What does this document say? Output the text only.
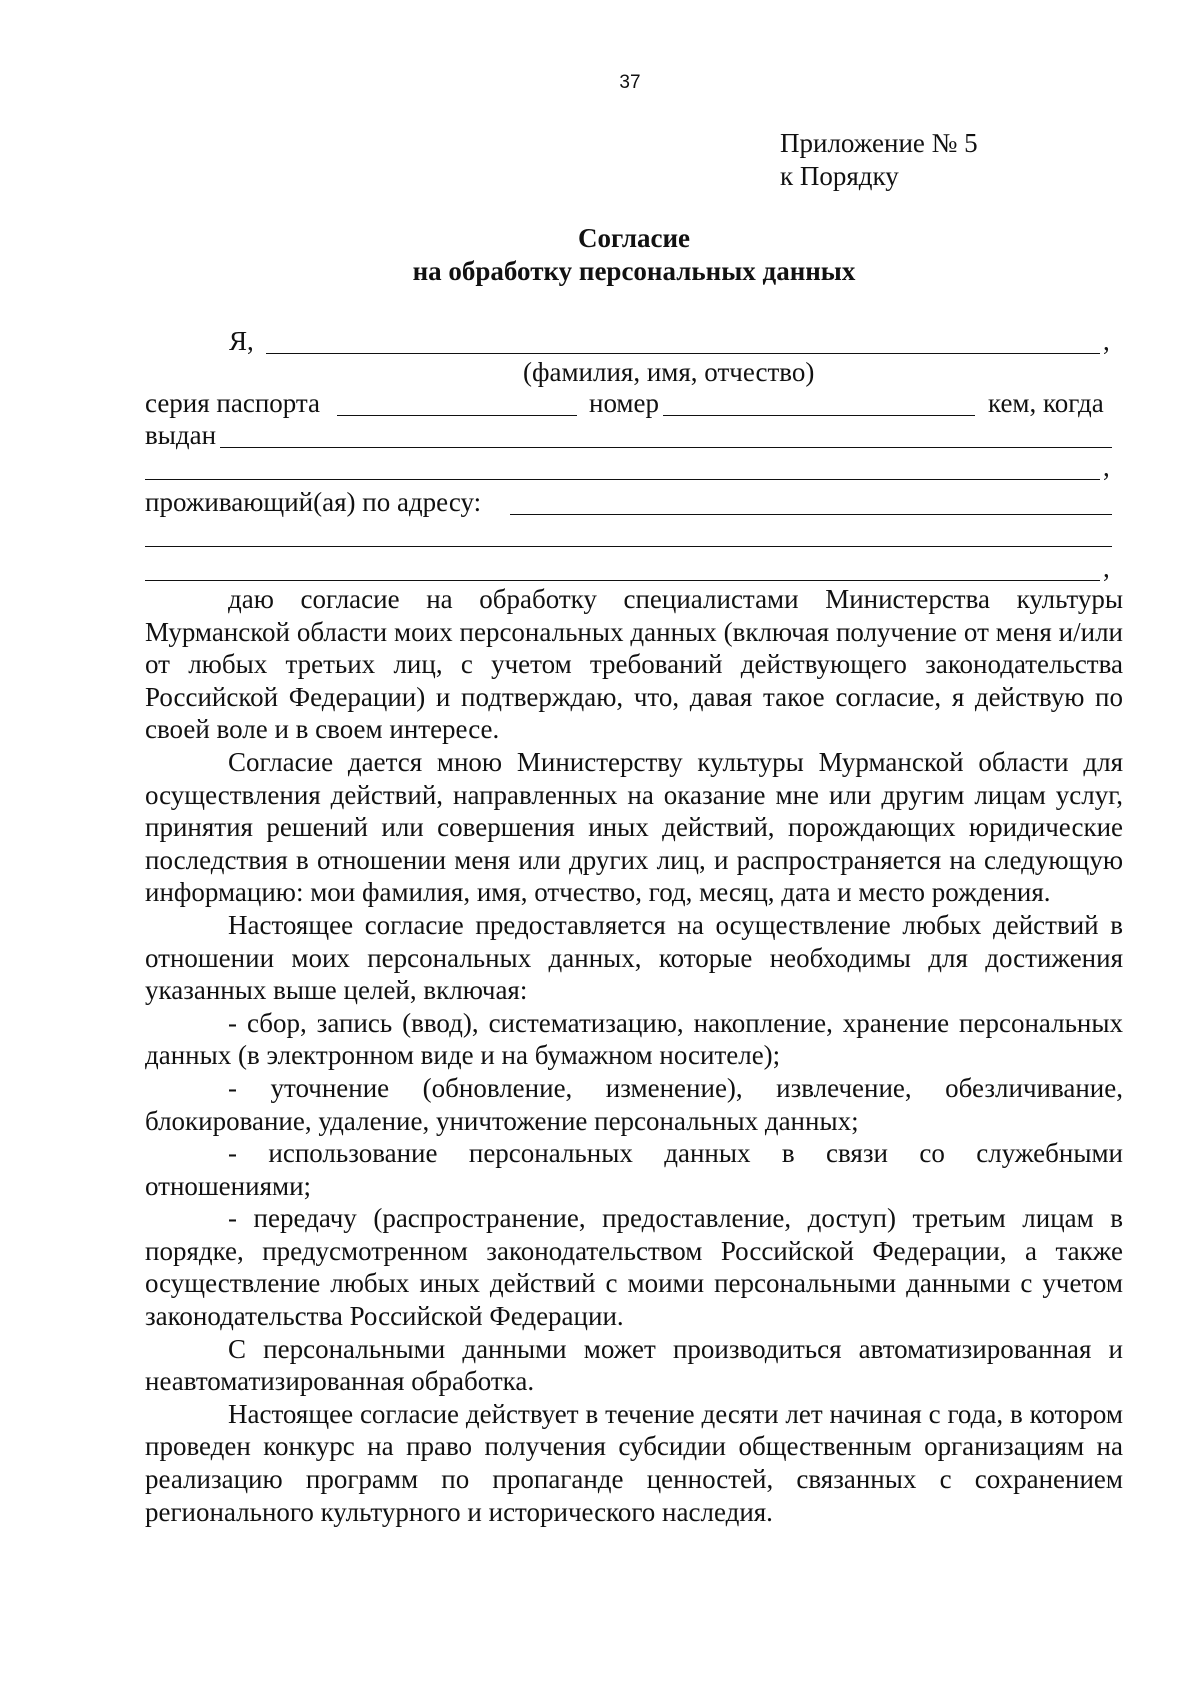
37
Приложение № 5
к Порядку
Согласие
на обработку персональных данных
Я,	,
(фамилия, имя, отчество)
серия паспорта	номер	кем, когда
выдан
,
проживающий(ая) по адресу:
,

даю согласие на обработку специалистами Министерства культуры Мурманской области моих персональных данных (включая получение от меня и/или от любых третьих лиц, с учетом требований действующего законодательства Российской Федерации) и подтверждаю, что, давая такое согласие, я действую по своей воле и в своем интересе.

Согласие дается мною Министерству культуры Мурманской области для осуществления действий, направленных на оказание мне или другим лицам услуг, принятия решений или совершения иных действий, порождающих юридические последствия в отношении меня или других лиц, и распространяется на следующую информацию: мои фамилия, имя, отчество, год, месяц, дата и место рождения.

Настоящее согласие предоставляется на осуществление любых действий в отношении моих персональных данных, которые необходимы для достижения указанных выше целей, включая:

- сбор, запись (ввод), систематизацию, накопление, хранение персональных данных (в электронном виде и на бумажном носителе);

- уточнение (обновление, изменение), извлечение, обезличивание, блокирование, удаление, уничтожение персональных данных;

- использование персональных данных в связи со служебными отношениями;

- передачу (распространение, предоставление, доступ) третьим лицам в порядке, предусмотренном законодательством Российской Федерации, а также осуществление любых иных действий с моими персональными данными с учетом законодательства Российской Федерации.

С персональными данными может производиться автоматизированная и неавтоматизированная обработка.

Настоящее согласие действует в течение десяти лет начиная с года, в котором проведен конкурс на право получения субсидии общественным организациям на реализацию программ по пропаганде ценностей, связанных с сохранением регионального культурного и исторического наследия.
